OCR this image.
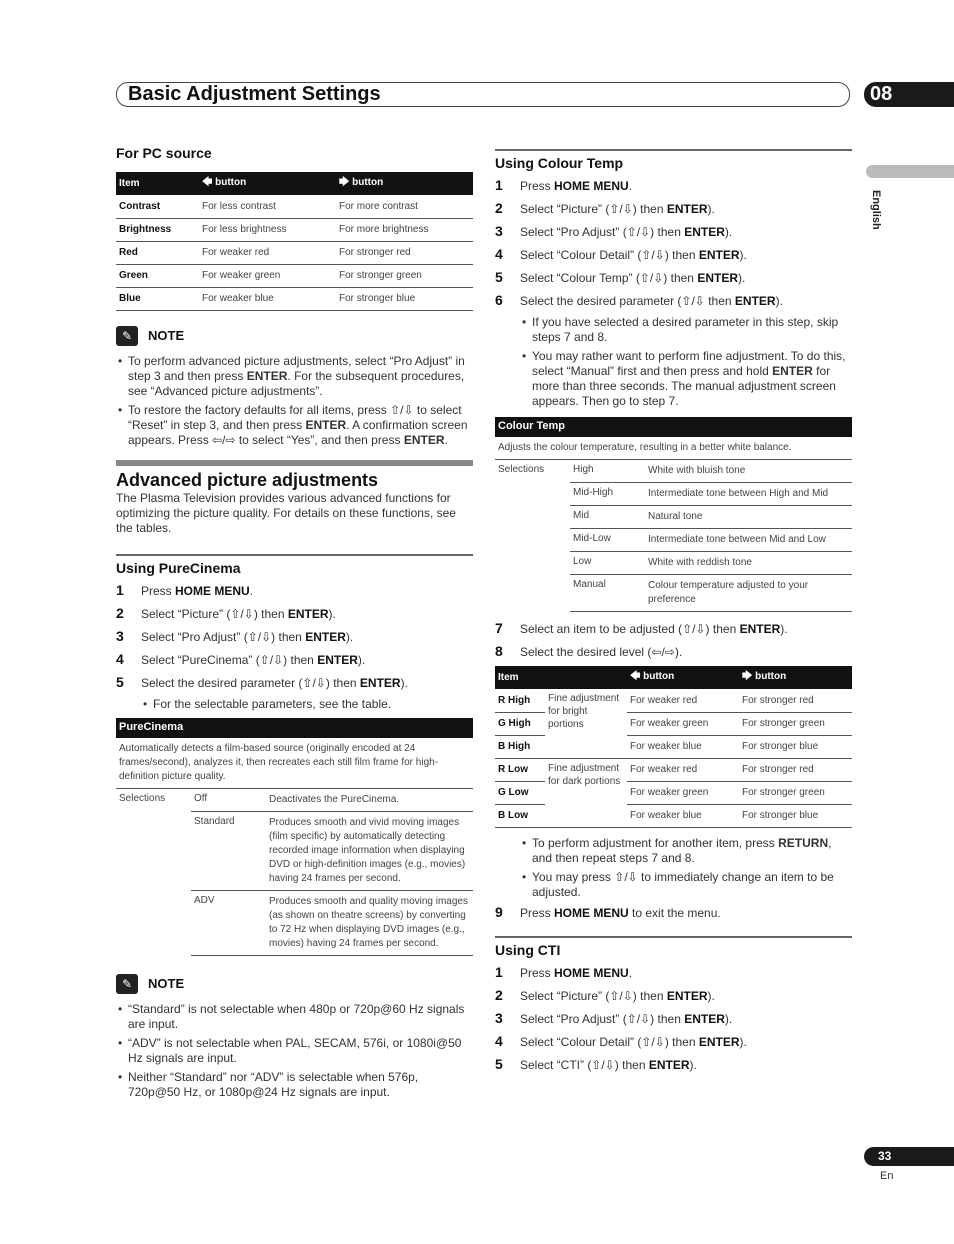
Basic Adjustment Settings	08
English
For PC source
Item	🡄 button	🡆 button
Contrast	For less contrast	For more contrast
Brightness	For less brightness	For more brightness
Red	For weaker red	For stronger red
Green	For weaker green	For stronger green
Blue	For weaker blue	For stronger blue
✎	NOTE
• To perform advanced picture adjustments, select “Pro Adjust” in step 3 and then press ENTER. For the subsequent procedures, see “Advanced picture adjustments”.
• To restore the factory defaults for all items, press ⇧/⇩ to select “Reset” in step 3, and then press ENTER. A confirmation screen appears. Press ⇦/⇨ to select “Yes”, and then press ENTER.
Advanced picture adjustments
The Plasma Television provides various advanced functions for optimizing the picture quality. For details on these functions, see the tables.
Using PureCinema
1	Press HOME MENU.
2	Select “Picture” (⇧/⇩) then ENTER).
3	Select “Pro Adjust” (⇧/⇩) then ENTER).
4	Select “PureCinema” (⇧/⇩) then ENTER).
5	Select the desired parameter (⇧/⇩) then ENTER).
• For the selectable parameters, see the table.
PureCinema
Automatically detects a film-based source (originally encoded at 24 frames/second), analyzes it, then recreates each still film frame for high-definition picture quality.
Selections	Off	Deactivates the PureCinema.
Standard	Produces smooth and vivid moving images (film specific) by automatically detecting recorded image information when displaying DVD or high-definition images (e.g., movies) having 24 frames per second.
ADV	Produces smooth and quality moving images (as shown on theatre screens) by converting to 72 Hz when displaying DVD images (e.g., movies) having 24 frames per second.
✎	NOTE
• “Standard” is not selectable when 480p or 720p@60 Hz signals are input.
• “ADV” is not selectable when PAL, SECAM, 576i, or 1080i@50 Hz signals are input.
• Neither “Standard” nor “ADV” is selectable when 576p, 720p@50 Hz, or 1080p@24 Hz signals are input.
Using Colour Temp
1	Press HOME MENU.
2	Select “Picture” (⇧/⇩) then ENTER).
3	Select “Pro Adjust” (⇧/⇩) then ENTER).
4	Select “Colour Detail” (⇧/⇩) then ENTER).
5	Select “Colour Temp” (⇧/⇩) then ENTER).
6	Select the desired parameter (⇧/⇩ then ENTER).
• If you have selected a desired parameter in this step, skip steps 7 and 8.
• You may rather want to perform fine adjustment. To do this, select “Manual” first and then press and hold ENTER for more than three seconds. The manual adjustment screen appears. Then go to step 7.
Colour Temp
Adjusts the colour temperature, resulting in a better white balance.
Selections	High	White with bluish tone
Mid-High	Intermediate tone between High and Mid
Mid	Natural tone
Mid-Low	Intermediate tone between Mid and Low
Low	White with reddish tone
Manual	Colour temperature adjusted to your preference
7	Select an item to be adjusted (⇧/⇩) then ENTER).
8	Select the desired level (⇦/⇨).
Item		🡄 button	🡆 button
R High	Fine adjustment for bright portions	For weaker red	For stronger red
G High		For weaker green	For stronger green
B High		For weaker blue	For stronger blue
R Low	Fine adjustment for dark portions	For weaker red	For stronger red
G Low		For weaker green	For stronger green
B Low		For weaker blue	For stronger blue
• To perform adjustment for another item, press RETURN, and then repeat steps 7 and 8.
• You may press ⇧/⇩ to immediately change an item to be adjusted.
9	Press HOME MENU to exit the menu.
Using CTI
1	Press HOME MENU.
2	Select “Picture” (⇧/⇩) then ENTER).
3	Select “Pro Adjust” (⇧/⇩) then ENTER).
4	Select “Colour Detail” (⇧/⇩) then ENTER).
5	Select “CTI” (⇧/⇩) then ENTER).
33
En
